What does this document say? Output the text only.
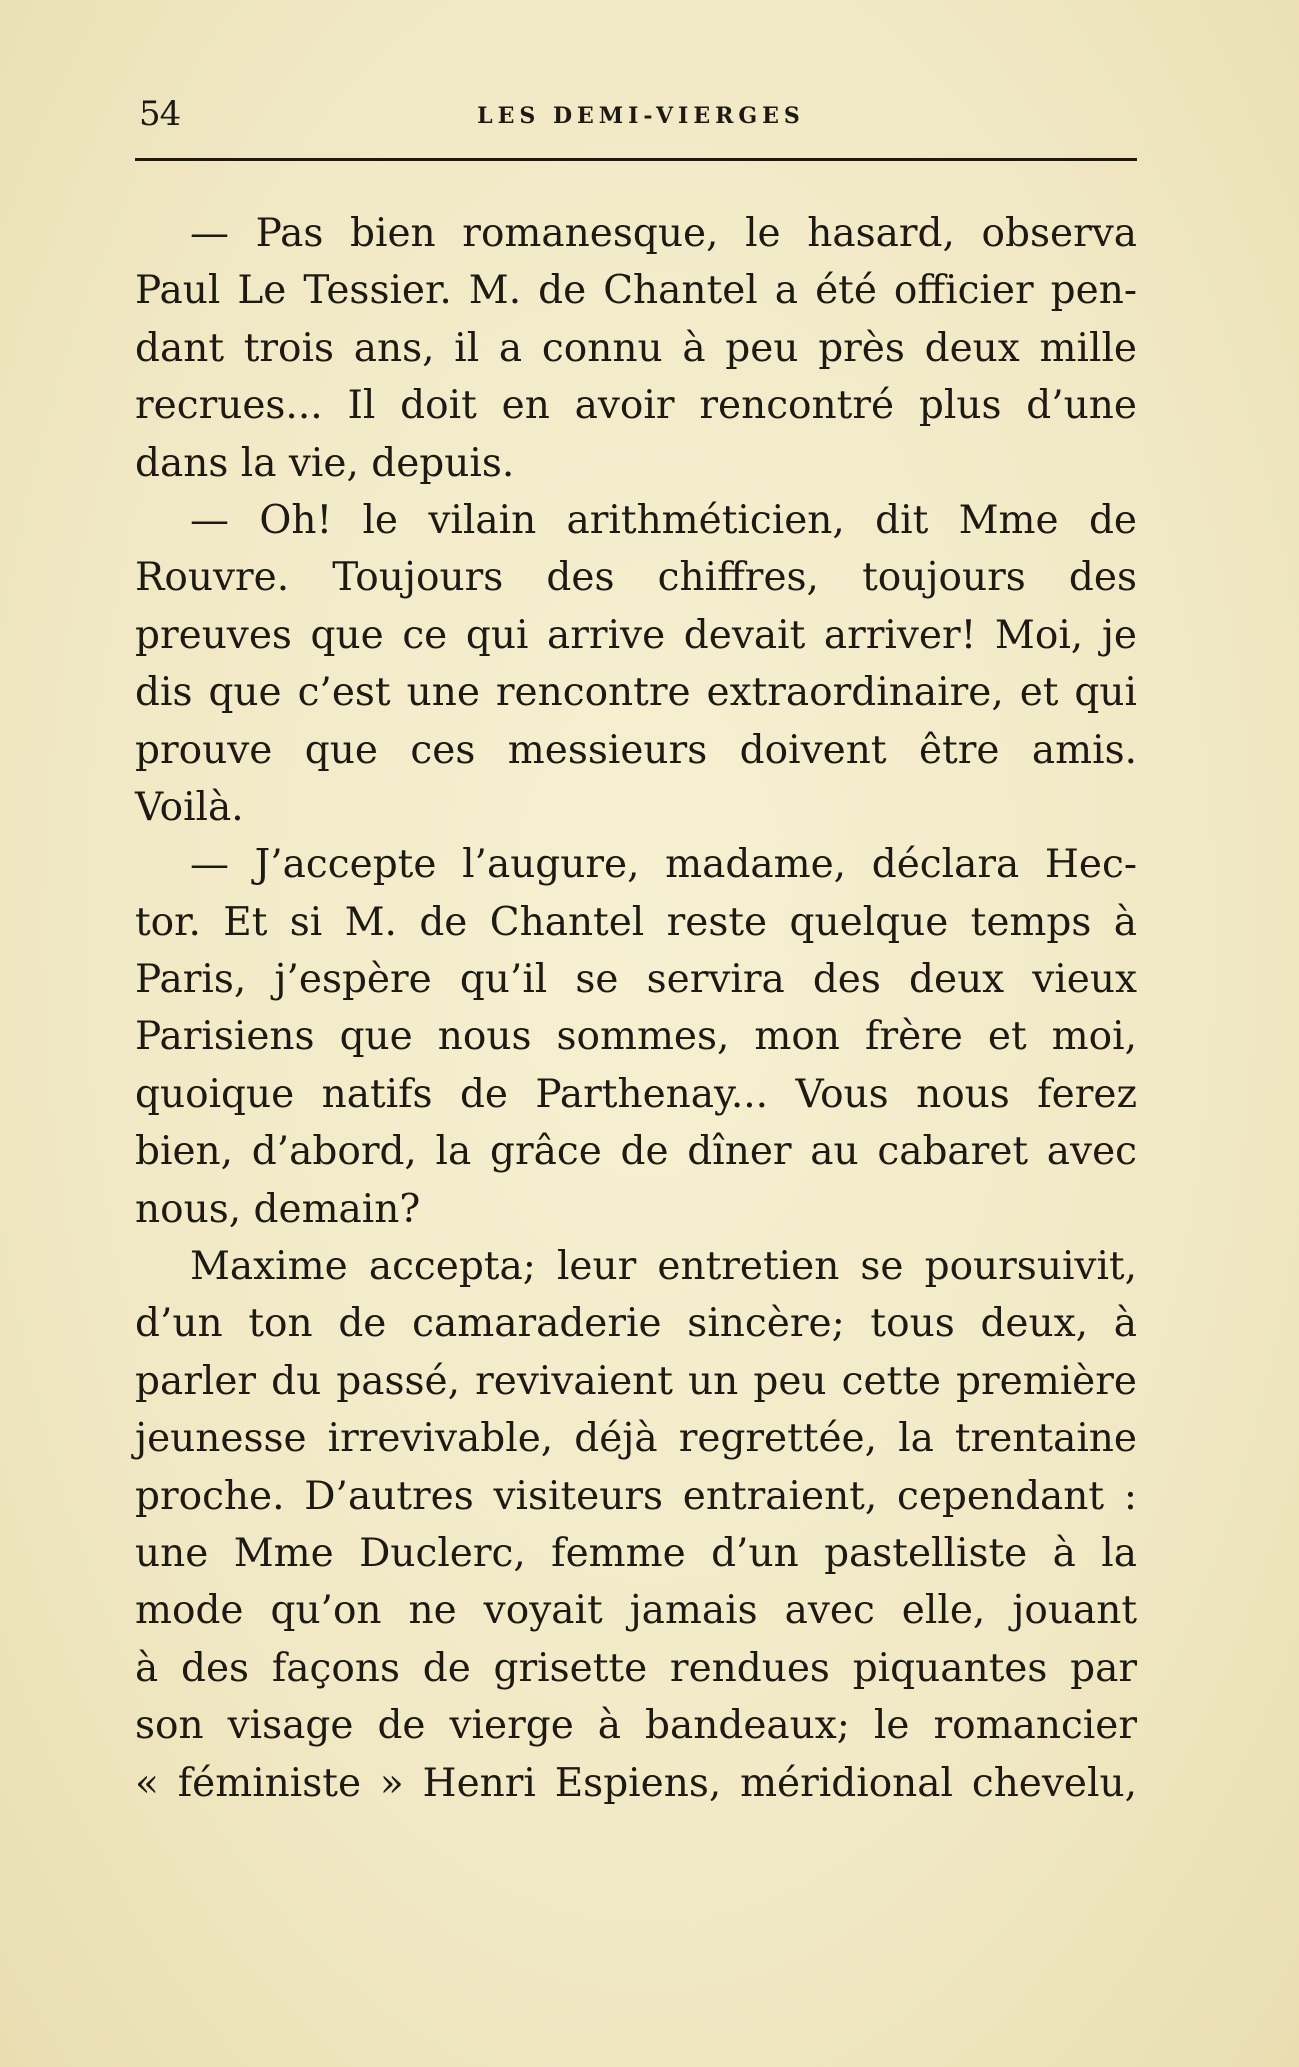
54	LES DEMI-VIERGES
— Pas bien romanesque, le hasard, observa
Paul Le Tessier. M. de Chantel a été officier pen-
dant trois ans, il a connu à peu près deux mille
recrues... Il doit en avoir rencontré plus d’une
dans la vie, depuis.
— Oh! le vilain arithméticien, dit Mme de
Rouvre. Toujours des chiffres, toujours des
preuves que ce qui arrive devait arriver! Moi, je
dis que c’est une rencontre extraordinaire, et qui
prouve que ces messieurs doivent être amis.
Voilà.
— J’accepte l’augure, madame, déclara Hec-
tor. Et si M. de Chantel reste quelque temps à
Paris, j’espère qu’il se servira des deux vieux
Parisiens que nous sommes, mon frère et moi,
quoique natifs de Parthenay... Vous nous ferez
bien, d’abord, la grâce de dîner au cabaret avec
nous, demain?
Maxime accepta; leur entretien se poursuivit,
d’un ton de camaraderie sincère; tous deux, à
parler du passé, revivaient un peu cette première
jeunesse irrevivable, déjà regrettée, la trentaine
proche. D’autres visiteurs entraient, cependant :
une Mme Duclerc, femme d’un pastelliste à la
mode qu’on ne voyait jamais avec elle, jouant
à des façons de grisette rendues piquantes par
son visage de vierge à bandeaux; le romancier
« féministe » Henri Espiens, méridional chevelu,
